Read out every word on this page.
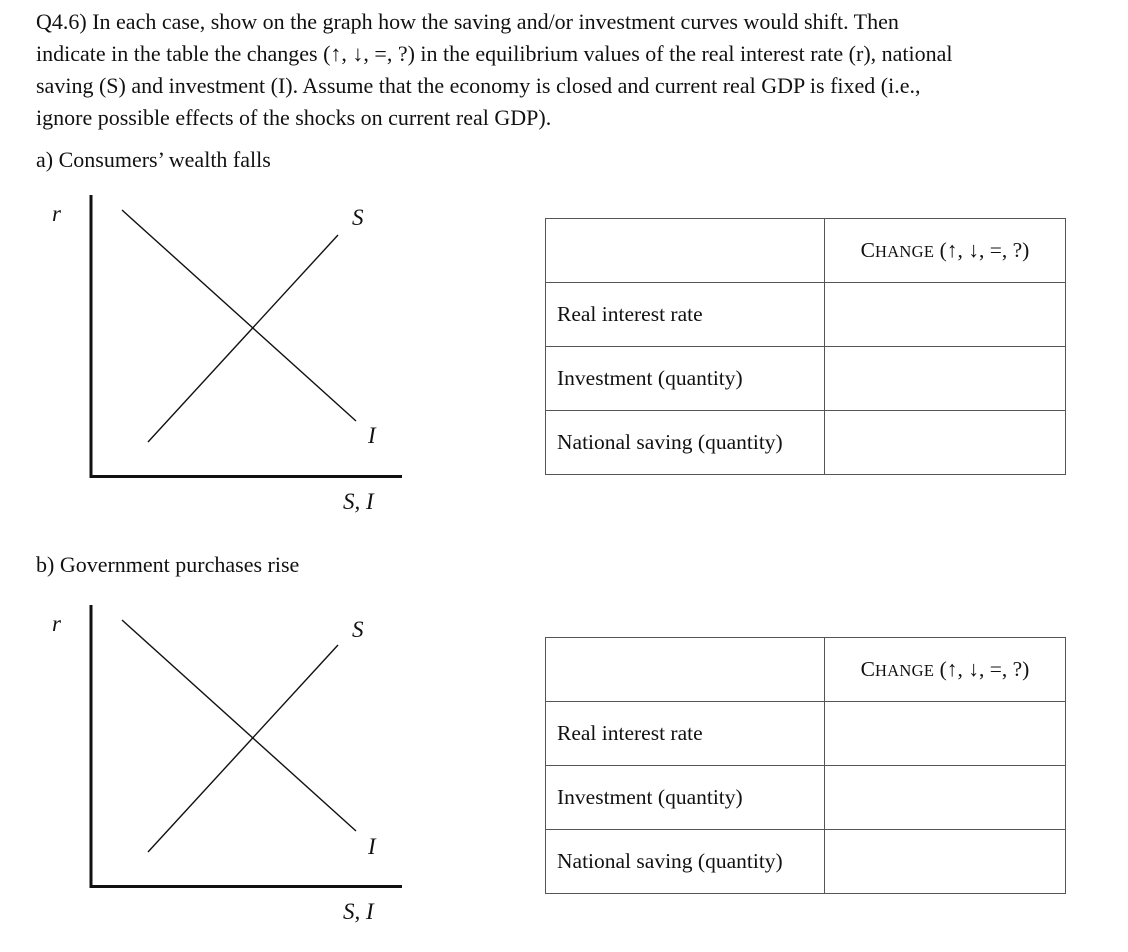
Q4.6) In each case, show on the graph how the saving and/or investment curves would shift. Then
indicate in the table the changes (↑, ↓, =, ?) in the equilibrium values of the real interest rate (r), national
saving (S) and investment (I). Assume that the economy is closed and current real GDP is fixed (i.e.,
ignore possible effects of the shocks on current real GDP).
a) Consumers’ wealth falls
r	S
I
S, I
	CHANGE (↑, ↓, =, ?)
Real interest rate	
Investment (quantity)	
National saving (quantity)	
b) Government purchases rise
r	S
I
S, I
	CHANGE (↑, ↓, =, ?)
Real interest rate	
Investment (quantity)	
National saving (quantity)	
